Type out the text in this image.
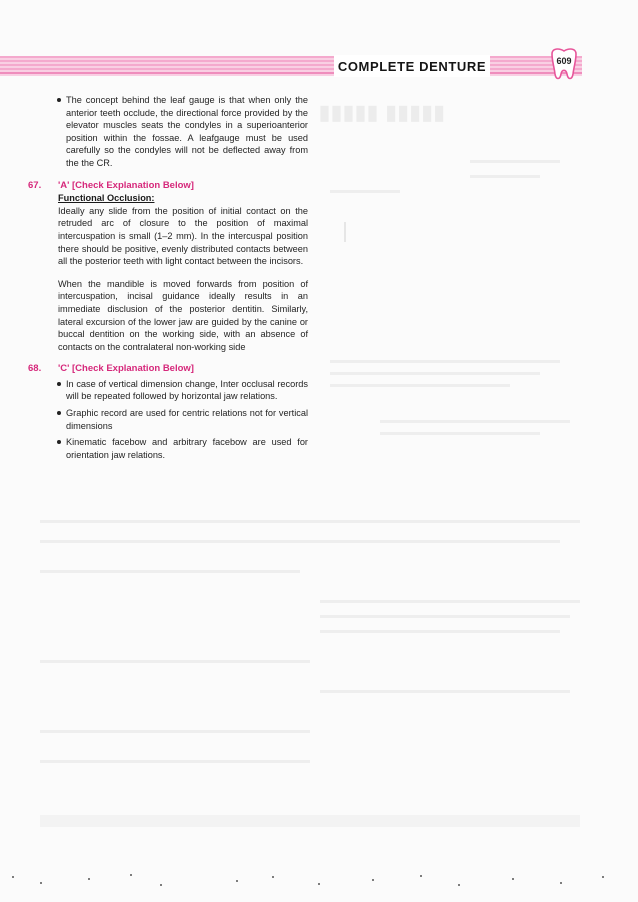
▮▮▮▮▮ ▮▮▮▮▮
COMPLETE DENTURE	609
The concept behind the leaf gauge is that when only the anterior teeth occlude, the directional force provided by the elevator muscles seats the condyles in a superioanterior position within the fossae. A leafgauge must be used carefully so the condyles will not be deflected away from the the CR.
67.	'A' [Check Explanation Below]
Functional Occlusion:

Ideally any slide from the position of initial contact on the retruded arc of closure to the position of maximal intercuspation is small (1–2 mm). In the intercuspal position there should be positive, evenly distributed contacts between all the posterior teeth with light contact between the incisors.

When the mandible is moved forwards from position of intercuspation, incisal guidance ideally results in an immediate disclusion of the posterior dentitin. Similarly, lateral excursion of the lower jaw are guided by the canine or buccal dentition on the working side, with an absence of contacts on the contralateral non-working side

68.	'C' [Check Explanation Below]
In case of vertical dimension change, Inter occlusal records will be repeated followed by horizontal jaw relations.
Graphic record are used for centric relations not for vertical dimensions
Kinematic facebow and arbitrary facebow are used for orientation jaw relations.
